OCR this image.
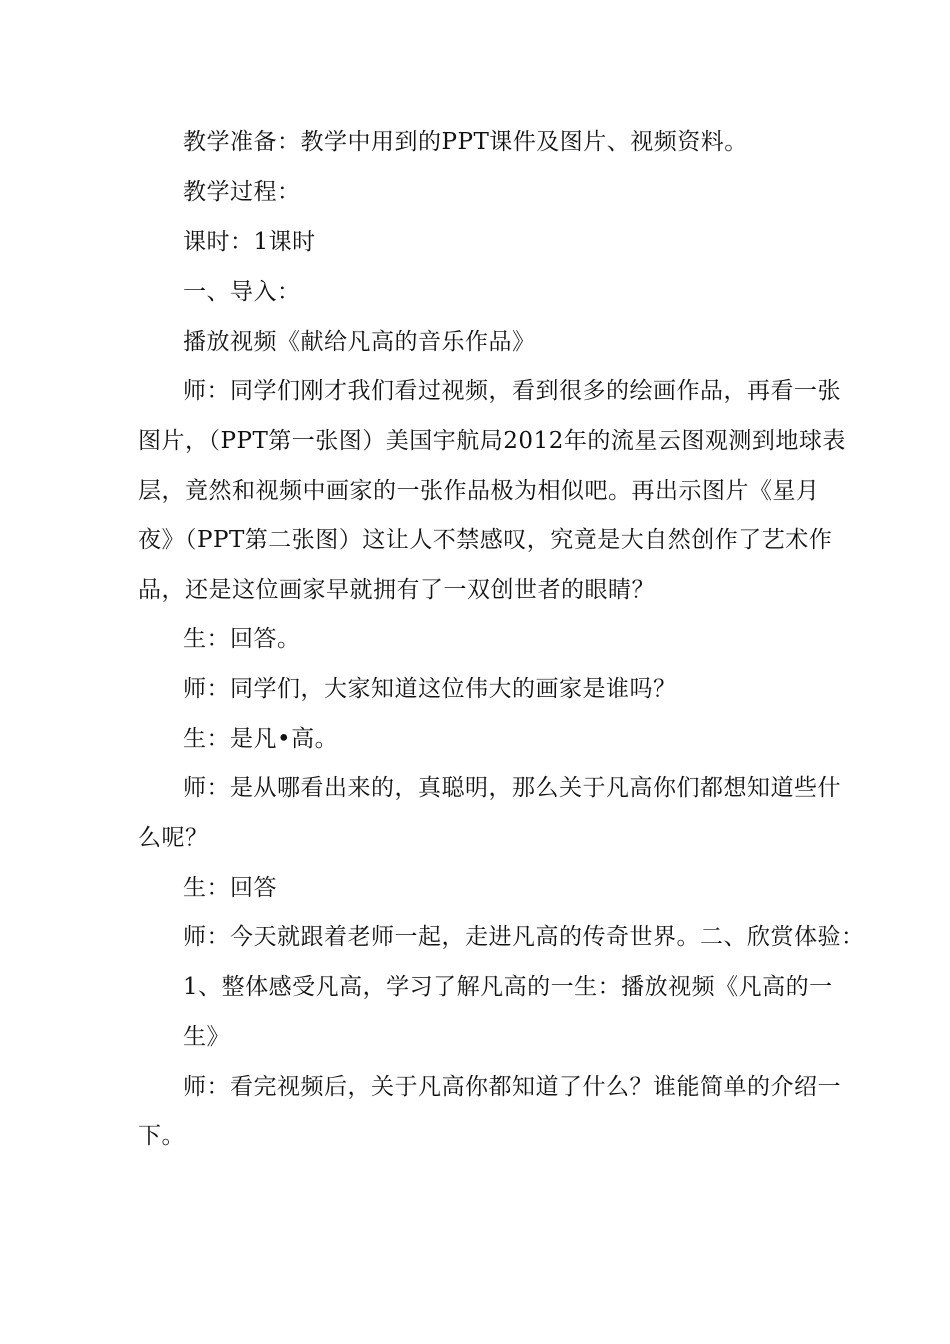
教学准备：教学中用到的PPT课件及图片、视频资料。
教学过程：
课时：1课时
一、导入：
播放视频《献给凡高的音乐作品》
师：同学们刚才我们看过视频，看到很多的绘画作品，再看一张
图片，（PPT第一张图）美国宇航局2012年的流星云图观测到地球表
层，竟然和视频中画家的一张作品极为相似吧。再出示图片《星月
夜》（PPT第二张图）这让人不禁感叹，究竟是大自然创作了艺术作
品，还是这位画家早就拥有了一双创世者的眼睛？
生：回答。
师：同学们，大家知道这位伟大的画家是谁吗？
生：是凡•高。
师：是从哪看出来的，真聪明，那么关于凡高你们都想知道些什
么呢？
生：回答
师：今天就跟着老师一起，走进凡高的传奇世界。二、欣赏体验：
1、整体感受凡高，学习了解凡高的一生：播放视频《凡高的一
生》
师：看完视频后，关于凡高你都知道了什么？谁能简单的介绍一
下。
